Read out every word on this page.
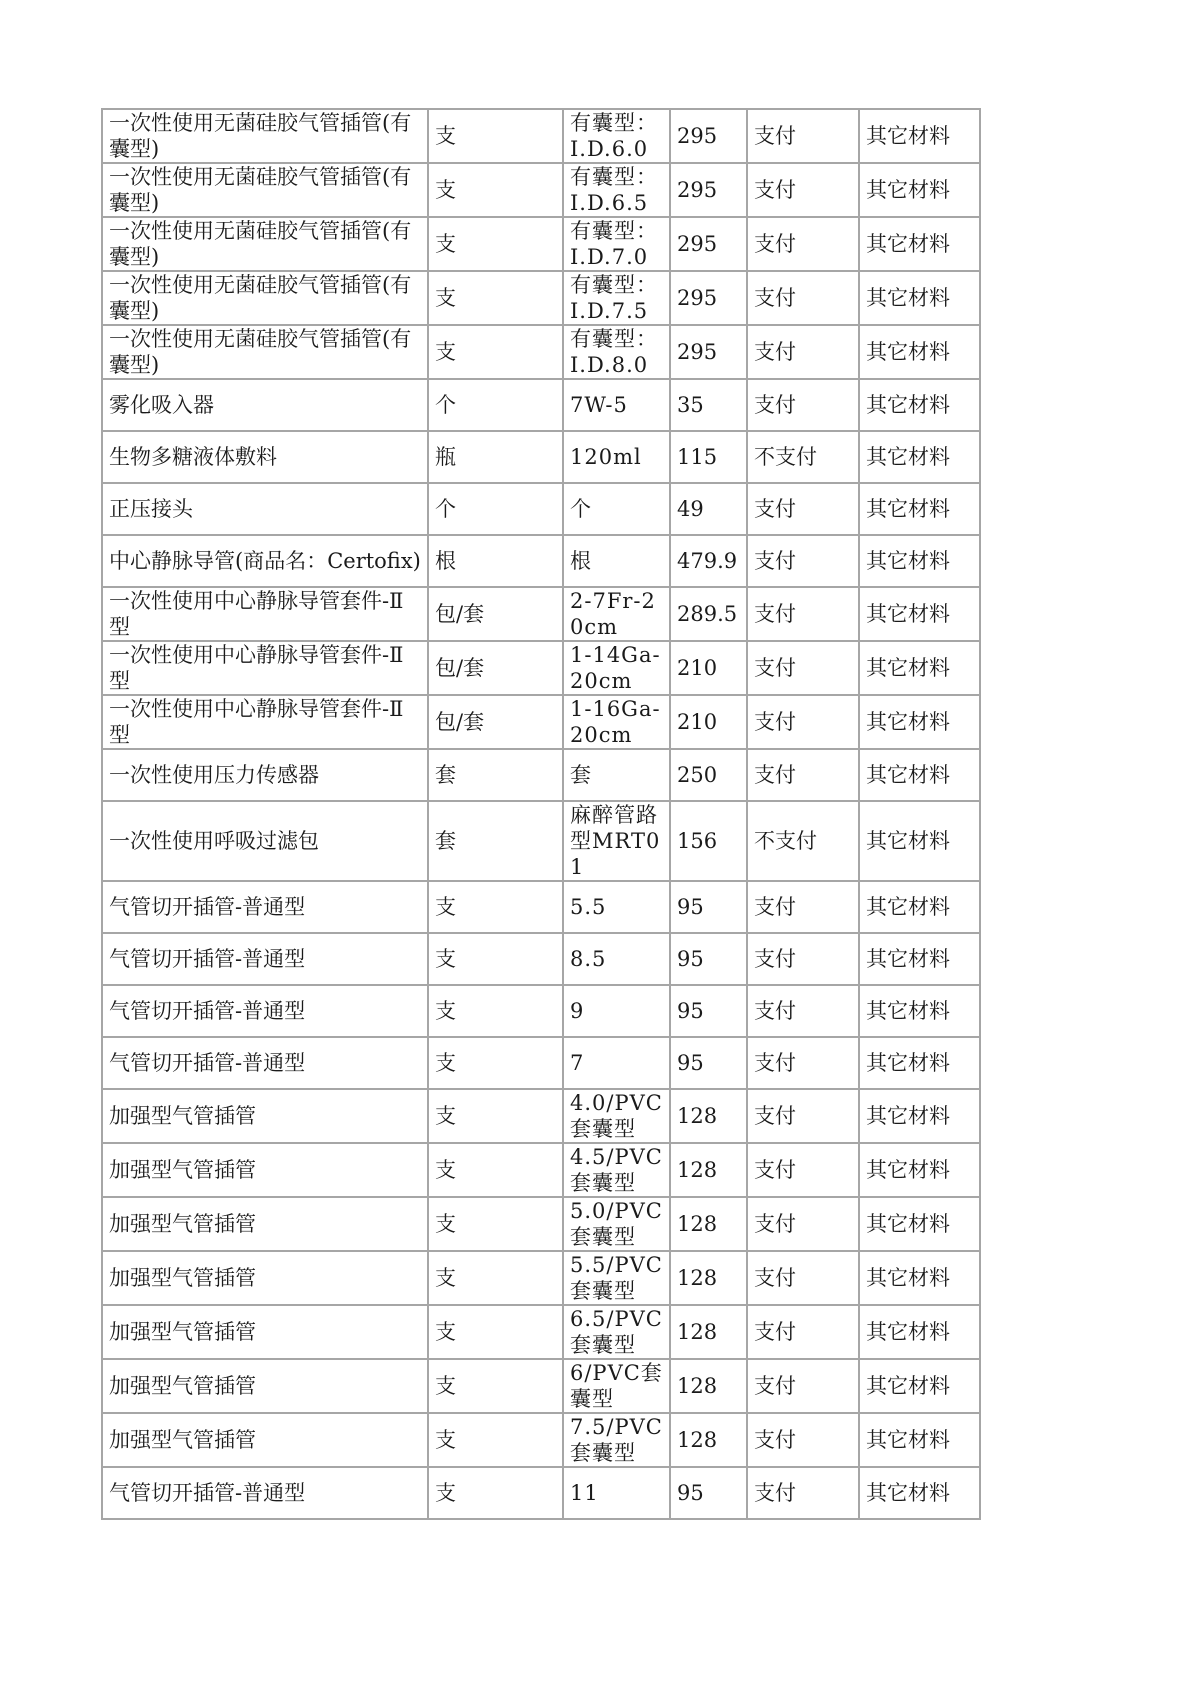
一次性使用无菌硅胶气管插管(有囊型)	支	有囊型：I.D.6.0	295	支付	其它材料
一次性使用无菌硅胶气管插管(有囊型)	支	有囊型：I.D.6.5	295	支付	其它材料
一次性使用无菌硅胶气管插管(有囊型)	支	有囊型：I.D.7.0	295	支付	其它材料
一次性使用无菌硅胶气管插管(有囊型)	支	有囊型：I.D.7.5	295	支付	其它材料
一次性使用无菌硅胶气管插管(有囊型)	支	有囊型：I.D.8.0	295	支付	其它材料
雾化吸入器	个	7W-5	35	支付	其它材料
生物多糖液体敷料	瓶	120ml	115	不支付	其它材料
正压接头	个	个	49	支付	其它材料
中心静脉导管(商品名：Certofix)	根	根	479.9	支付	其它材料
一次性使用中心静脉导管套件-Ⅱ型	包/套	2-7Fr-20cm	289.5	支付	其它材料
一次性使用中心静脉导管套件-Ⅱ型	包/套	1-14Ga-20cm	210	支付	其它材料
一次性使用中心静脉导管套件-Ⅱ型	包/套	1-16Ga-20cm	210	支付	其它材料
一次性使用压力传感器	套	套	250	支付	其它材料
一次性使用呼吸过滤包	套	麻醉管路型MRT01	156	不支付	其它材料
气管切开插管-普通型	支	5.5	95	支付	其它材料
气管切开插管-普通型	支	8.5	95	支付	其它材料
气管切开插管-普通型	支	9	95	支付	其它材料
气管切开插管-普通型	支	7	95	支付	其它材料
加强型气管插管	支	4.0/PVC套囊型	128	支付	其它材料
加强型气管插管	支	4.5/PVC套囊型	128	支付	其它材料
加强型气管插管	支	5.0/PVC套囊型	128	支付	其它材料
加强型气管插管	支	5.5/PVC套囊型	128	支付	其它材料
加强型气管插管	支	6.5/PVC套囊型	128	支付	其它材料
加强型气管插管	支	6/PVC套囊型	128	支付	其它材料
加强型气管插管	支	7.5/PVC套囊型	128	支付	其它材料
气管切开插管-普通型	支	11	95	支付	其它材料
